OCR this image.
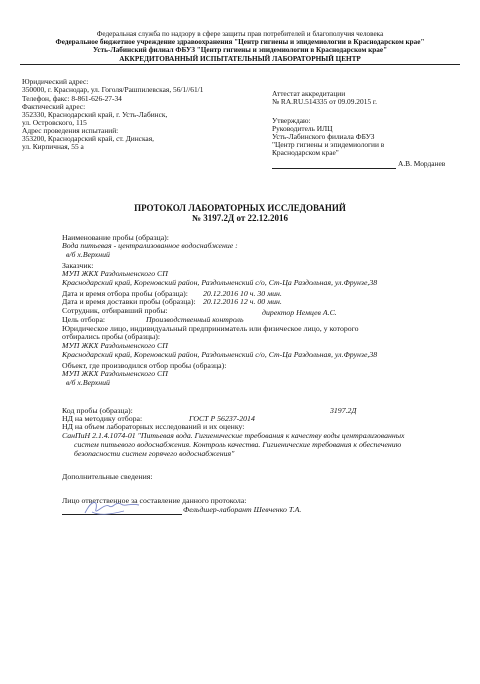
Федеральная служба по надзору в сфере защиты прав потребителей и благополучия человека
Федеральное бюджетное учреждение здравоохранения "Центр гигиены и эпидемиологии в Краснодарском крае"
Усть-Лабинский филиал ФБУЗ "Центр гигиены и эпидемиологии в Краснодарском крае"
АККРЕДИТОВАННЫЙ ИСПЫТАТЕЛЬНЫЙ ЛАБОРАТОРНЫЙ ЦЕНТР
Юридический адрес:
350000, г. Краснодар, ул. Гоголя/Рашпилевская, 56/1//61/1
Телефон, факс: 8-861-626-27-34
Фактический адрес:
352330, Краснодарский край, г. Усть-Лабинск,
ул. Островского, 115
Адрес проведения испытаний:
353200, Краснодарский край, ст. Динская,
ул. Кирпичная, 55 а
Аттестат аккредитации
№ RA.RU.514335 от 09.09.2015 г.
Утверждаю:
Руководитель ИЛЦ
Усть-Лабинского филиала ФБУЗ
"Центр гигиены и эпидемиологии в
Краснодарском крае"
А.В. Морданев
ПРОТОКОЛ ЛАБОРАТОРНЫХ ИССЛЕДОВАНИЙ
№ 3197.2Д от 22.12.2016
Наименование пробы (образца):
Вода питьевая - централизованное водоснабжение :
в/б х.Верхний
Заказчик:
МУП ЖКХ Раздольненского СП
Краснодарский край, Кореновский район, Раздольненский с/о, Ст-Ца Раздольная, ул.Фрунзе,38
Дата и время отбора пробы (образца): 20.12.2016 10 ч. 30 мин.
Дата и время доставки пробы (образца): 20.12.2016 12 ч. 00 мин.
Сотрудник, отбиравший пробы:	директор Немцев А.С.
Цель отбора:	Производственный контроль
Юридическое лицо, индивидуальный предприниматель или физическое лицо, у которого
отбирались пробы (образцы):
МУП ЖКХ Раздольненского СП
Краснодарский край, Кореновский район, Раздольненский с/о, Ст-Ца Раздольная, ул.Фрунзе,38
Объект, где производился отбор пробы (образца):
МУП ЖКХ Раздольненского СП
в/б х.Верхний
Код пробы (образца):	3197.2Д
НД на методику отбора:	ГОСТ Р 56237-2014
НД на объем лабораторных исследований и их оценку:
СанПиН 2.1.4.1074-01 "Питьевая вода. Гигиенические требования к качеству воды централизованных
систем питьевого водоснабжения. Контроль качества. Гигиенические требования к обеспечению
безопасности систем горячего водоснабжения"
Дополнительные сведения:
Лицо ответственное за составление данного протокола:
Фельдшер-лаборант Шевченко Т.А.
